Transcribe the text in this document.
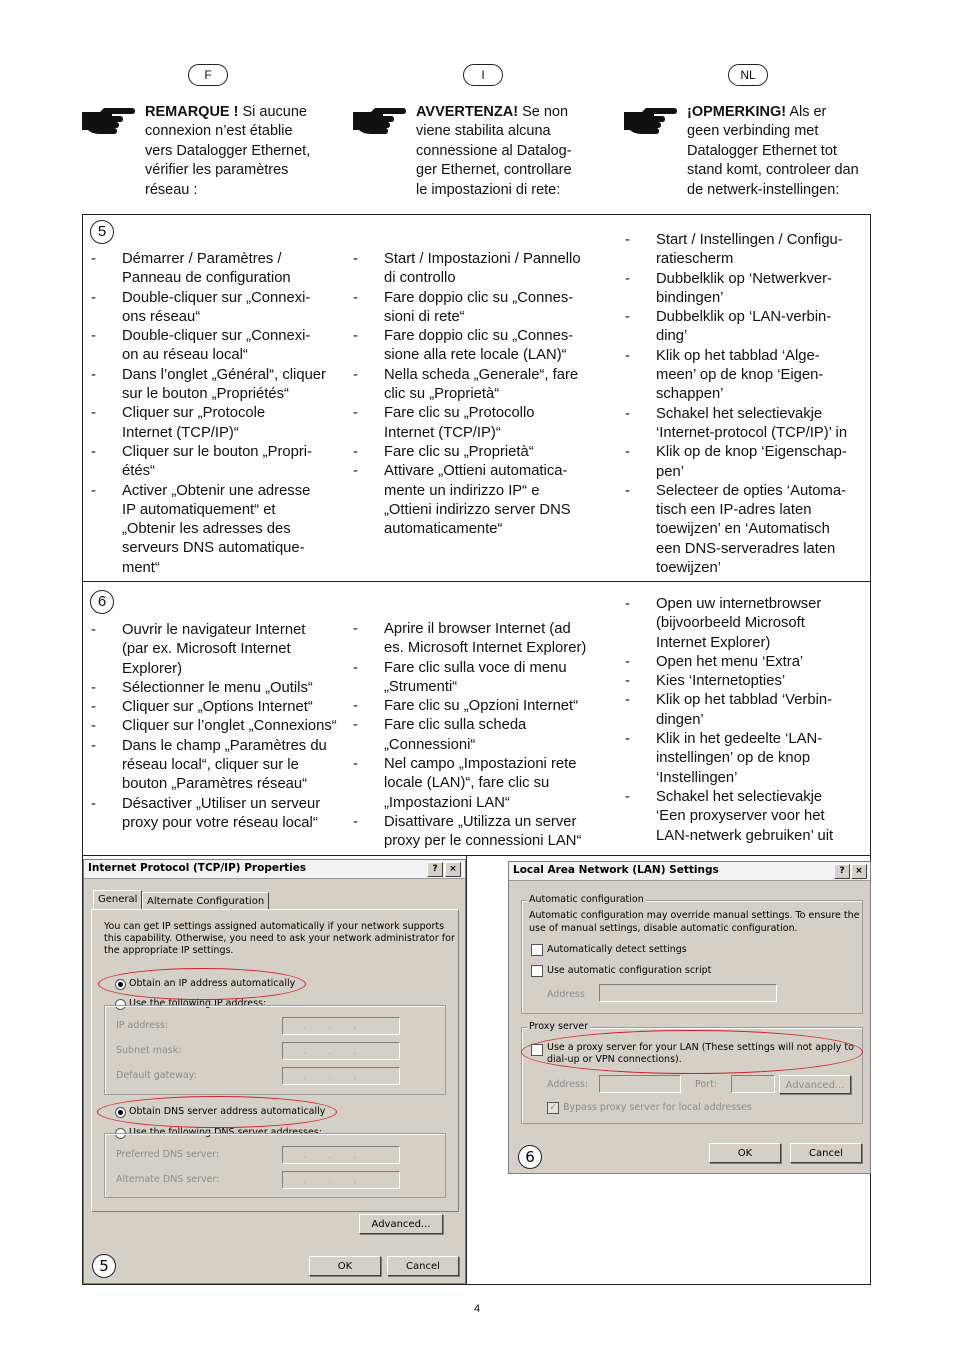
F	I	NL
REMARQUE ! Si aucune
connexion n’est établie
vers Datalogger Ethernet,
vérifier les paramètres
réseau :
AVVERTENZA! Se non
viene stabilita alcuna
connessione al Datalog-
ger Ethernet, controllare
le impostazioni di rete:
¡OPMERKING! Als er
geen verbinding met
Datalogger Ethernet tot
stand komt, controleer dan
de netwerk-instellingen:
5
6
- Démarrer / Paramètres /
Panneau de configuration
- Double-cliquer sur „Connexi-
ons réseau“
- Double-cliquer sur „Connexi-
on au réseau local“
- Dans l’onglet „Général“, cliquer
sur le bouton „Propriétés“
- Cliquer sur „Protocole
Internet (TCP/IP)“
- Cliquer sur le bouton „Propri-
étés“
- Activer „Obtenir une adresse
IP automatiquement“ et
„Obtenir les adresses des
serveurs DNS automatique-
ment“
- Start / Impostazioni / Pannello
di controllo
- Fare doppio clic su „Connes-
sioni di rete“
- Fare doppio clic su „Connes-
sione alla rete locale (LAN)“
- Nella scheda „Generale“, fare
clic su „Proprietà“
- Fare clic su „Protocollo
Internet (TCP/IP)“
- Fare clic su „Proprietà“
- Attivare „Ottieni automatica-
mente un indirizzo IP“ e
„Ottieni indirizzo server DNS
automaticamente“
- Start / Instellingen / Configu-
ratiescherm
- Dubbelklik op ‘Netwerkver-
bindingen’
- Dubbelklik op ‘LAN-verbin-
ding’
- Klik op het tabblad ‘Alge-
meen’ op de knop ‘Eigen-
schappen’
- Schakel het selectievakje
‘Internet-protocol (TCP/IP)’ in
- Klik op de knop ‘Eigenschap-
pen’
- Selecteer de opties ‘Automa-
tisch een IP-adres laten
toewijzen’ en ‘Automatisch
een DNS-serveradres laten
toewijzen’
- Ouvrir le navigateur Internet
(par ex. Microsoft Internet
Explorer)
- Sélectionner le menu „Outils“
- Cliquer sur „Options Internet“
- Cliquer sur l’onglet „Connexions“
- Dans le champ „Paramètres du
réseau local“, cliquer sur le
bouton „Paramètres réseau“
- Désactiver „Utiliser un serveur
proxy pour votre réseau local“
- Aprire il browser Internet (ad
es. Microsoft Internet Explorer)
- Fare clic sulla voce di menu
„Strumenti“
- Fare clic su „Opzioni Internet“
- Fare clic sulla scheda
„Connessioni“
- Nel campo „Impostazioni rete
locale (LAN)“, fare clic su
„Impostazioni LAN“
- Disattivare „Utilizza un server
proxy per le connessioni LAN“
- Open uw internetbrowser
(bijvoorbeeld Microsoft
Internet Explorer)
- Open het menu ‘Extra’
- Kies ‘Internetopties’
- Klik op het tabblad ‘Verbin-
dingen’
- Klik in het gedeelte ‘LAN-
instellingen’ op de knop
‘Instellingen’
- Schakel het selectievakje
‘Een proxyserver voor het
LAN-netwerk gebruiken’ uit
Internet Protocol (TCP/IP) Properties	?	×
General Alternate Configuration
You can get IP settings assigned automatically if your network supports
this capability. Otherwise, you need to ask your network administrator for
the appropriate IP settings.
Obtain an IP address automatically
Use the following IP address:
IP address:	...
Subnet mask:	...
Default gateway:	...
Obtain DNS server address automatically
Use the following DNS server addresses:
Preferred DNS server:	...
Alternate DNS server:	...
Advanced...
OK	Cancel
5
Local Area Network (LAN) Settings	?	×
Automatic configuration
Automatic configuration may override manual settings. To ensure the
use of manual settings, disable automatic configuration.
Automatically detect settings
Use automatic configuration script
Address
Proxy server
Use a proxy server for your LAN (These settings will not apply to
dial-up or VPN connections).
Address:	Port:	Advanced...
✓ Bypass proxy server for local addresses
OK	Cancel
6
4
